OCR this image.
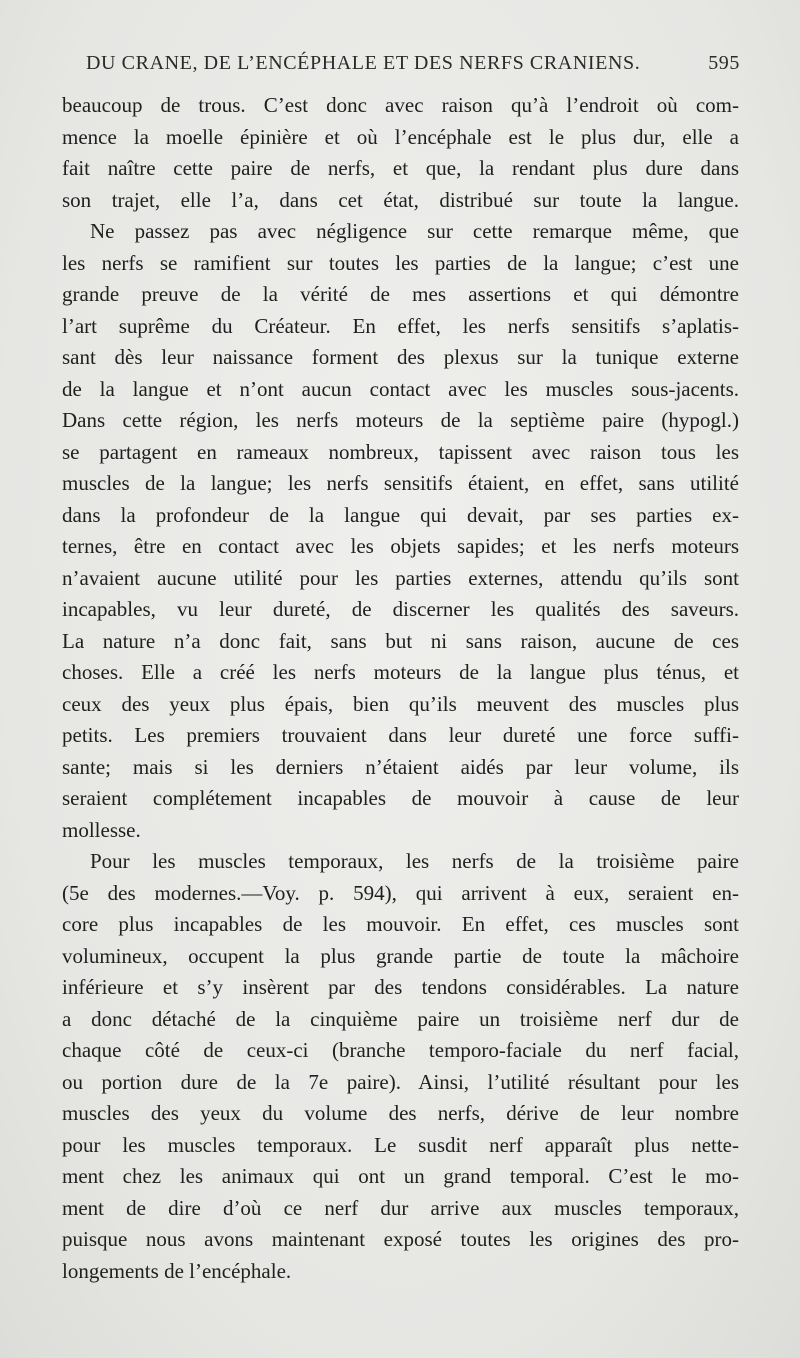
DU CRANE, DE L’ENCÉPHALE ET DES NERFS CRANIENS.	595
beaucoup de trous. C’est donc avec raison qu’à l’endroit où com-
mence la moelle épinière et où l’encéphale est le plus dur, elle a
fait naître cette paire de nerfs, et que, la rendant plus dure dans
son trajet, elle l’a, dans cet état, distribué sur toute la langue.
Ne passez pas avec négligence sur cette remarque même, que
les nerfs se ramifient sur toutes les parties de la langue; c’est une
grande preuve de la vérité de mes assertions et qui démontre
l’art suprême du Créateur. En effet, les nerfs sensitifs s’aplatis-
sant dès leur naissance forment des plexus sur la tunique externe
de la langue et n’ont aucun contact avec les muscles sous-jacents.
Dans cette région, les nerfs moteurs de la septième paire (hypogl.)
se partagent en rameaux nombreux, tapissent avec raison tous les
muscles de la langue; les nerfs sensitifs étaient, en effet, sans utilité
dans la profondeur de la langue qui devait, par ses parties ex-
ternes, être en contact avec les objets sapides; et les nerfs moteurs
n’avaient aucune utilité pour les parties externes, attendu qu’ils sont
incapables, vu leur dureté, de discerner les qualités des saveurs.
La nature n’a donc fait, sans but ni sans raison, aucune de ces
choses. Elle a créé les nerfs moteurs de la langue plus ténus, et
ceux des yeux plus épais, bien qu’ils meuvent des muscles plus
petits. Les premiers trouvaient dans leur dureté une force suffi-
sante; mais si les derniers n’étaient aidés par leur volume, ils
seraient complétement incapables de mouvoir à cause de leur
mollesse.
Pour les muscles temporaux, les nerfs de la troisième paire
(5e des modernes.—Voy. p. 594), qui arrivent à eux, seraient en-
core plus incapables de les mouvoir. En effet, ces muscles sont
volumineux, occupent la plus grande partie de toute la mâchoire
inférieure et s’y insèrent par des tendons considérables. La nature
a donc détaché de la cinquième paire un troisième nerf dur de
chaque côté de ceux-ci (branche temporo-faciale du nerf facial,
ou portion dure de la 7e paire). Ainsi, l’utilité résultant pour les
muscles des yeux du volume des nerfs, dérive de leur nombre
pour les muscles temporaux. Le susdit nerf apparaît plus nette-
ment chez les animaux qui ont un grand temporal. C’est le mo-
ment de dire d’où ce nerf dur arrive aux muscles temporaux,
puisque nous avons maintenant exposé toutes les origines des pro-
longements de l’encéphale.
